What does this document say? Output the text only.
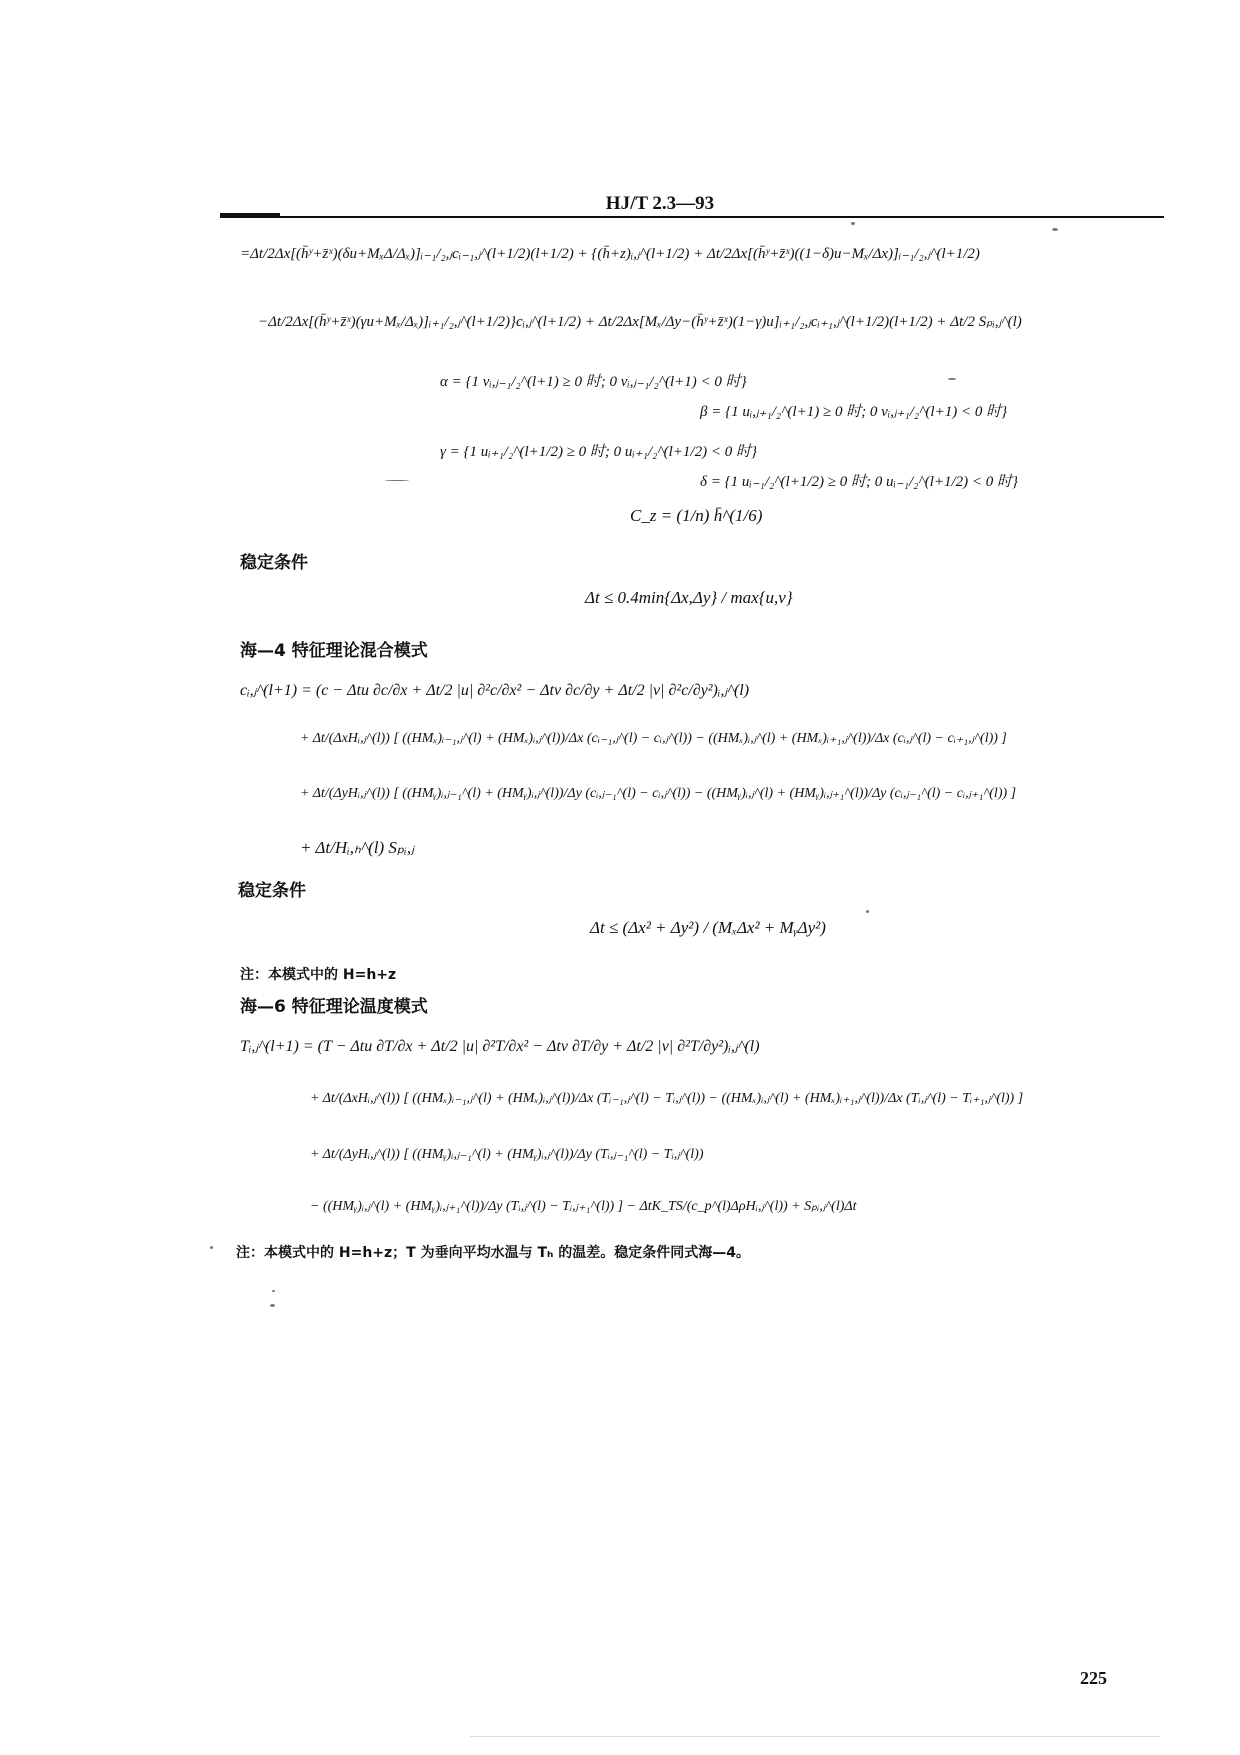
HJ/T 2.3—93
=Δt/2Δx[(h̄ʸ+z̄ˣ)(δu+MₓΔ/Δₓ)]ᵢ₋₁/₂,ⱼcᵢ₋₁,ⱼ^(l+1/2)(l+1/2) + {(h̄+z)ᵢ,ⱼ^(l+1/2) + Δt/2Δx[(h̄ʸ+z̄ˣ)((1−δ)u−Mₓ/Δx)]ᵢ₋₁/₂,ⱼ^(l+1/2)
−Δt/2Δx[(h̄ʸ+z̄ˣ)(γu+Mₓ/Δₓ)]ᵢ₊₁/₂,ⱼ^(l+1/2)}cᵢ,ⱼ^(l+1/2) + Δt/2Δx[Mₓ/Δy−(h̄ʸ+z̄ˣ)(1−γ)u]ᵢ₊₁/₂,ⱼcᵢ₊₁,ⱼ^(l+1/2)(l+1/2) + Δt/2 Sₚᵢ,ⱼ^(l)
α = {1 vᵢ,ⱼ₋₁/₂^(l+1) ≥ 0 时; 0 vᵢ,ⱼ₋₁/₂^(l+1) < 0 时}
β = {1 uᵢ,ⱼ₊₁/₂^(l+1) ≥ 0 时; 0 vᵢ,ⱼ₊₁/₂^(l+1) < 0 时}
γ = {1 uᵢ₊₁/₂^(l+1/2) ≥ 0 时; 0 uᵢ₊₁/₂^(l+1/2) < 0 时}
δ = {1 uᵢ₋₁/₂^(l+1/2) ≥ 0 时; 0 uᵢ₋₁/₂^(l+1/2) < 0 时}
C_z = (1/n) h̄^(1/6)
稳定条件
Δt ≤ 0.4min{Δx,Δy} / max{u,v}
海—4 特征理论混合模式
cᵢ,ⱼ^(l+1) = (c − Δtu ∂c/∂x + Δt/2 |u| ∂²c/∂x² − Δtv ∂c/∂y + Δt/2 |v| ∂²c/∂y²)ᵢ,ⱼ^(l)
+ Δt/(ΔxHᵢ,ⱼ^(l)) [ ((HMₓ)ᵢ₋₁,ⱼ^(l) + (HMₓ)ᵢ,ⱼ^(l))/Δx (cᵢ₋₁,ⱼ^(l) − cᵢ,ⱼ^(l)) − ((HMₓ)ᵢ,ⱼ^(l) + (HMₓ)ᵢ₊₁,ⱼ^(l))/Δx (cᵢ,ⱼ^(l) − cᵢ₊₁,ⱼ^(l)) ]
+ Δt/(ΔyHᵢ,ⱼ^(l)) [ ((HMᵧ)ᵢ,ⱼ₋₁^(l) + (HMᵧ)ᵢ,ⱼ^(l))/Δy (cᵢ,ⱼ₋₁^(l) − cᵢ,ⱼ^(l)) − ((HMᵧ)ᵢ,ⱼ^(l) + (HMᵧ)ᵢ,ⱼ₊₁^(l))/Δy (cᵢ,ⱼ₋₁^(l) − cᵢ,ⱼ₊₁^(l)) ]
+ Δt/Hᵢ,ₕ^(l) Sₚᵢ,ⱼ
稳定条件
Δt ≤ (Δx² + Δy²) / (MₓΔx² + MᵧΔy²)
注：本模式中的 H=h+z
海—6 特征理论温度模式
Tᵢ,ⱼ^(l+1) = (T − Δtu ∂T/∂x + Δt/2 |u| ∂²T/∂x² − Δtv ∂T/∂y + Δt/2 |v| ∂²T/∂y²)ᵢ,ⱼ^(l)
+ Δt/(ΔxHᵢ,ⱼ^(l)) [ ((HMₓ)ᵢ₋₁,ⱼ^(l) + (HMₓ)ᵢ,ⱼ^(l))/Δx (Tᵢ₋₁,ⱼ^(l) − Tᵢ,ⱼ^(l)) − ((HMₓ)ᵢ,ⱼ^(l) + (HMₓ)ᵢ₊₁,ⱼ^(l))/Δx (Tᵢ,ⱼ^(l) − Tᵢ₊₁,ⱼ^(l)) ]
+ Δt/(ΔyHᵢ,ⱼ^(l)) [ ((HMᵧ)ᵢ,ⱼ₋₁^(l) + (HMᵧ)ᵢ,ⱼ^(l))/Δy (Tᵢ,ⱼ₋₁^(l) − Tᵢ,ⱼ^(l))
− ((HMᵧ)ᵢ,ⱼ^(l) + (HMᵧ)ᵢ,ⱼ₊₁^(l))/Δy (Tᵢ,ⱼ^(l) − Tᵢ,ⱼ₊₁^(l)) ] − ΔtK_TS/(c_p^(l)ΔρHᵢ,ⱼ^(l)) + Sₚᵢ,ⱼ^(l)Δt
注：本模式中的 H=h+z；T 为垂向平均水温与 Tₕ 的温差。稳定条件同式海—4。
225
